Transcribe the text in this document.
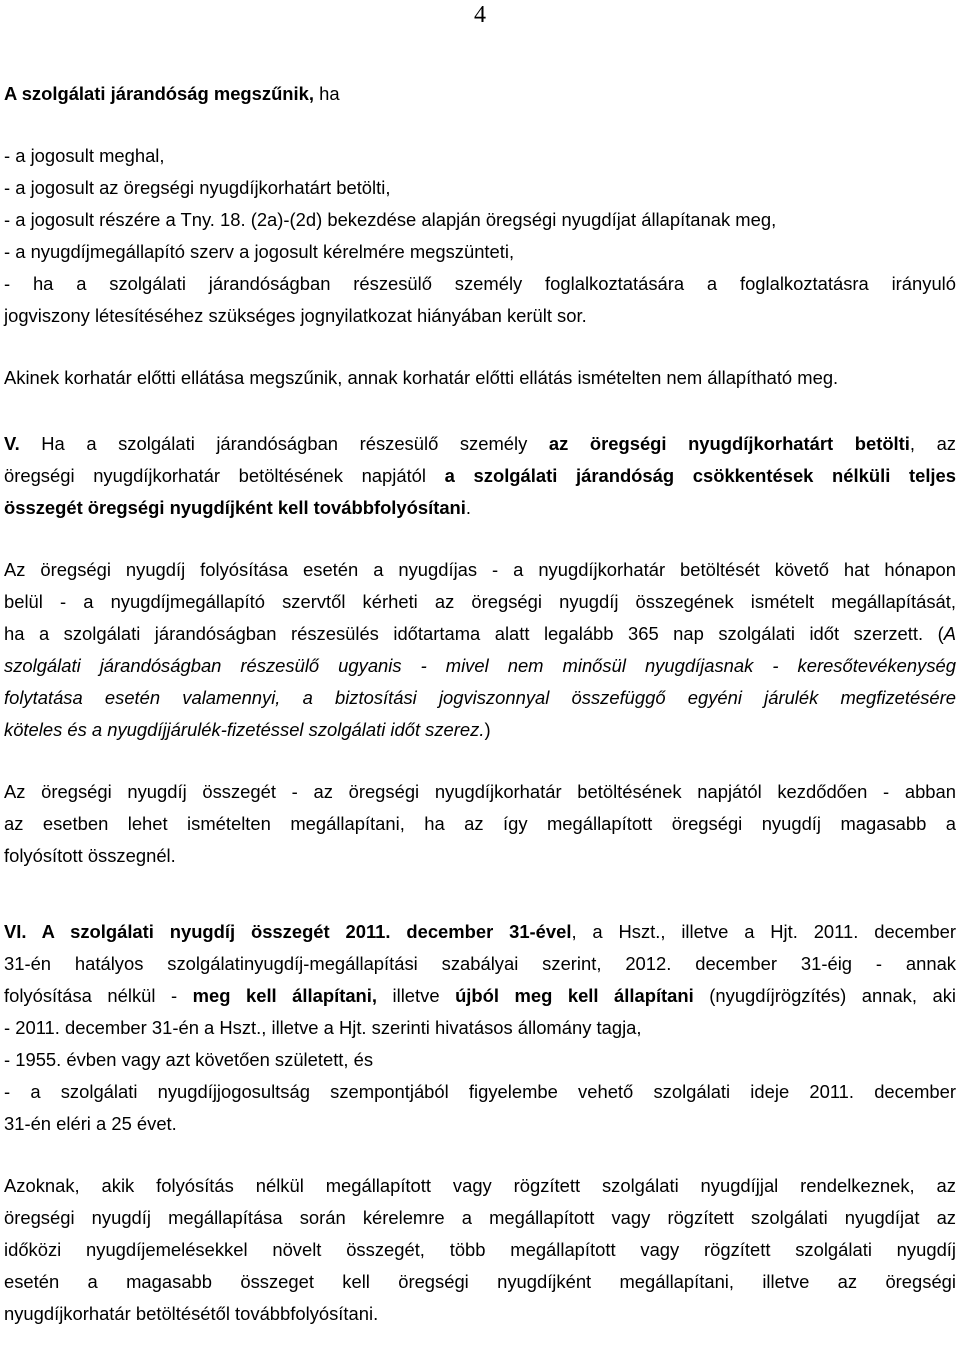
4
A szolgálati járandóság megszűnik, ha
- a jogosult meghal,
- a jogosult az öregségi nyugdíjkorhatárt betölti,
- a jogosult részére a Tny. 18. (2a)-(2d) bekezdése alapján öregségi nyugdíjat állapítanak meg,
- a nyugdíjmegállapító szerv a jogosult kérelmére megszünteti,
- ha a szolgálati járandóságban részesülő személy foglalkoztatására a foglalkoztatásra irányuló
jogviszony létesítéséhez szükséges jognyilatkozat hiányában került sor.
Akinek korhatár előtti ellátása megszűnik, annak korhatár előtti ellátás ismételten nem állapítható meg.
V. Ha a szolgálati járandóságban részesülő személy az öregségi nyugdíjkorhatárt betölti, az
öregségi nyugdíjkorhatár betöltésének napjától a szolgálati járandóság csökkentések nélküli teljes
összegét öregségi nyugdíjként kell továbbfolyósítani.
Az öregségi nyugdíj folyósítása esetén a nyugdíjas - a nyugdíjkorhatár betöltését követő hat hónapon
belül - a nyugdíjmegállapító szervtől kérheti az öregségi nyugdíj összegének ismételt megállapítását,
ha a szolgálati járandóságban részesülés időtartama alatt legalább 365 nap szolgálati időt szerzett. (A
szolgálati járandóságban részesülő ugyanis - mivel nem minősül nyugdíjasnak - keresőtevékenység
folytatása esetén valamennyi, a biztosítási jogviszonnyal összefüggő egyéni járulék megfizetésére
köteles és a nyugdíjjárulék-fizetéssel szolgálati időt szerez.)
Az öregségi nyugdíj összegét - az öregségi nyugdíjkorhatár betöltésének napjától kezdődően - abban
az esetben lehet ismételten megállapítani, ha az így megállapított öregségi nyugdíj magasabb a
folyósított összegnél.
VI. A szolgálati nyugdíj összegét 2011. december 31-ével, a Hszt., illetve a Hjt. 2011. december
31-én hatályos szolgálatinyugdíj-megállapítási szabályai szerint, 2012. december 31-éig - annak
folyósítása nélkül - meg kell állapítani, illetve újból meg kell állapítani (nyugdíjrögzítés) annak, aki
- 2011. december 31-én a Hszt., illetve a Hjt. szerinti hivatásos állomány tagja,
- 1955. évben vagy azt követően született, és
- a szolgálati nyugdíjjogosultság szempontjából figyelembe vehető szolgálati ideje 2011. december
31-én eléri a 25 évet.
Azoknak, akik folyósítás nélkül megállapított vagy rögzített szolgálati nyugdíjjal rendelkeznek, az
öregségi nyugdíj megállapítása során kérelemre a megállapított vagy rögzített szolgálati nyugdíjat az
időközi nyugdíjemelésekkel növelt összegét, több megállapított vagy rögzített szolgálati nyugdíj
esetén a magasabb összeget kell öregségi nyugdíjként megállapítani, illetve az öregségi
nyugdíjkorhatár betöltésétől továbbfolyósítani.
